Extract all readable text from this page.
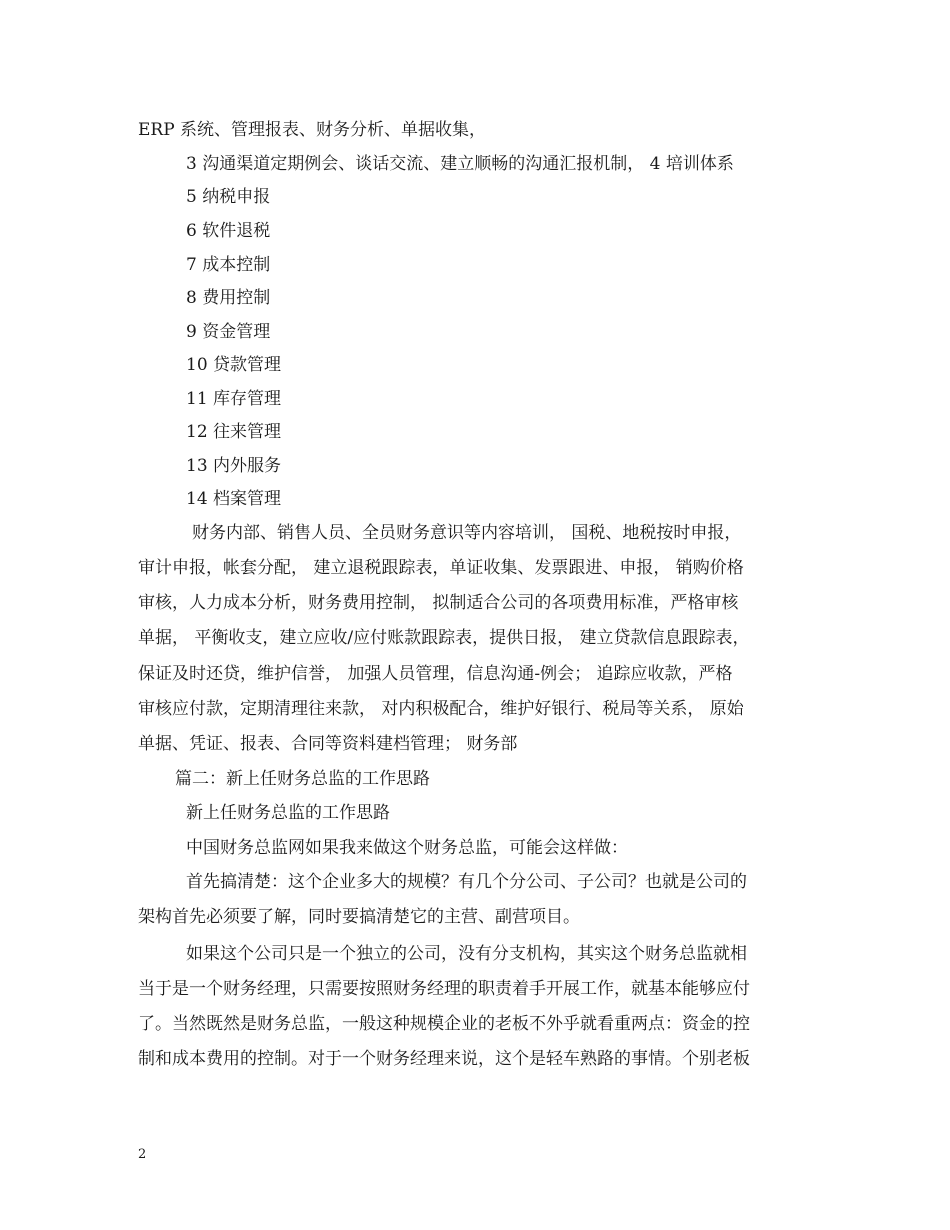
ERP 系统、管理报表、财务分析、单据收集，
3 沟通渠道定期例会、谈话交流、建立顺畅的沟通汇报机制， 4 培训体系
5 纳税申报
6 软件退税
7 成本控制
8 费用控制
9 资金管理
10 贷款管理
11 库存管理
12 往来管理
13 内外服务
14 档案管理
财务内部、销售人员、全员财务意识等内容培训， 国税、地税按时申报，
审计申报，帐套分配， 建立退税跟踪表，单证收集、发票跟进、申报， 销购价格
审核，人力成本分析，财务费用控制， 拟制适合公司的各项费用标准，严格审核
单据， 平衡收支，建立应收/应付账款跟踪表，提供日报， 建立贷款信息跟踪表，
保证及时还贷，维护信誉， 加强人员管理，信息沟通-例会； 追踪应收款，严格
审核应付款，定期清理往来款， 对内积极配合，维护好银行、税局等关系， 原始
单据、凭证、报表、合同等资料建档管理； 财务部
篇二：新上任财务总监的工作思路
新上任财务总监的工作思路
中国财务总监网如果我来做这个财务总监，可能会这样做：
首先搞清楚：这个企业多大的规模？有几个分公司、子公司？也就是公司的
架构首先必须要了解，同时要搞清楚它的主营、副营项目。
如果这个公司只是一个独立的公司，没有分支机构，其实这个财务总监就相
当于是一个财务经理，只需要按照财务经理的职责着手开展工作，就基本能够应付
了。当然既然是财务总监，一般这种规模企业的老板不外乎就看重两点：资金的控
制和成本费用的控制。对于一个财务经理来说，这个是轻车熟路的事情。个别老板
2
